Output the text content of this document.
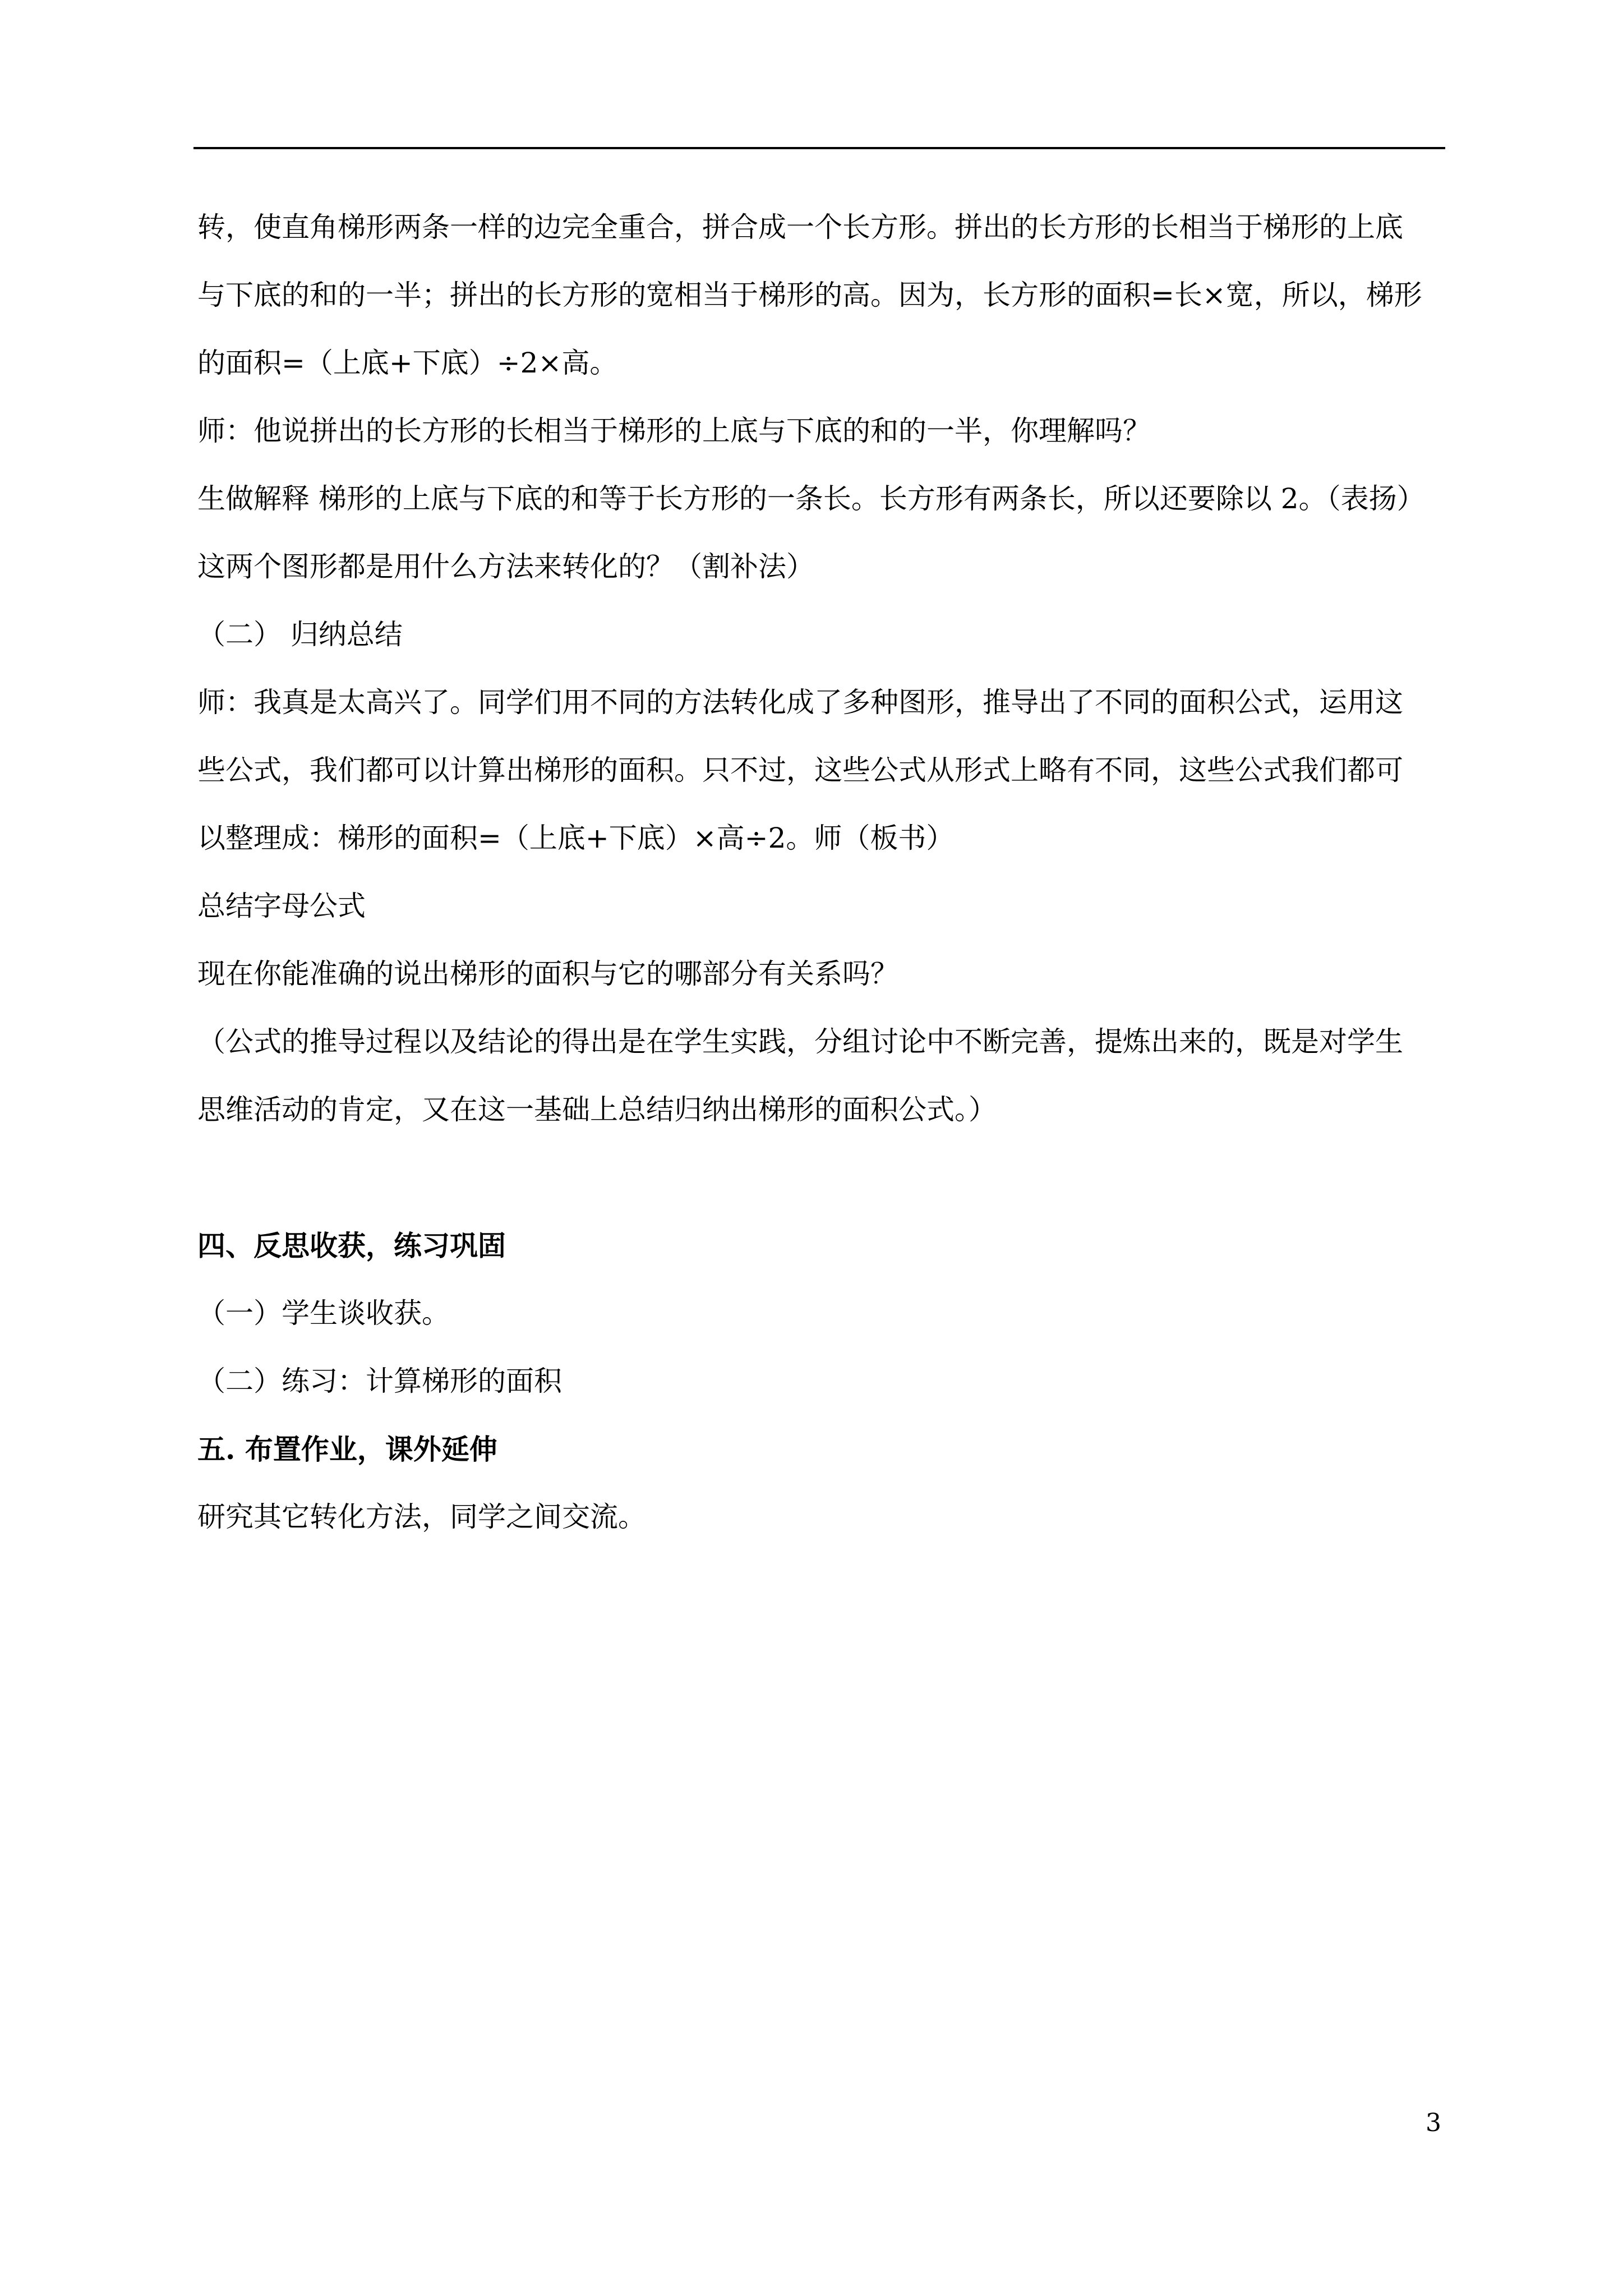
转，使直角梯形两条一样的边完全重合，拼合成一个长方形。拼出的长方形的长相当于梯形的上底
与下底的和的一半；拼出的长方形的宽相当于梯形的高。因为，长方形的面积=长×宽，所以，梯形
的面积=（上底+下底）÷2×高。
师：他说拼出的长方形的长相当于梯形的上底与下底的和的一半，你理解吗？
生做解释 梯形的上底与下底的和等于长方形的一条长。长方形有两条长，所以还要除以 2。（表扬）
这两个图形都是用什么方法来转化的？（割补法）
（二） 归纳总结
师：我真是太高兴了。同学们用不同的方法转化成了多种图形，推导出了不同的面积公式，运用这
些公式，我们都可以计算出梯形的面积。只不过，这些公式从形式上略有不同，这些公式我们都可
以整理成：梯形的面积=（上底+下底）×高÷2。师（板书）
总结字母公式
现在你能准确的说出梯形的面积与它的哪部分有关系吗？
（公式的推导过程以及结论的得出是在学生实践，分组讨论中不断完善，提炼出来的，既是对学生
思维活动的肯定，又在这一基础上总结归纳出梯形的面积公式。）
四、反思收获，练习巩固
（一）学生谈收获。
（二）练习：计算梯形的面积
五. 布置作业，课外延伸
研究其它转化方法，同学之间交流。
3
